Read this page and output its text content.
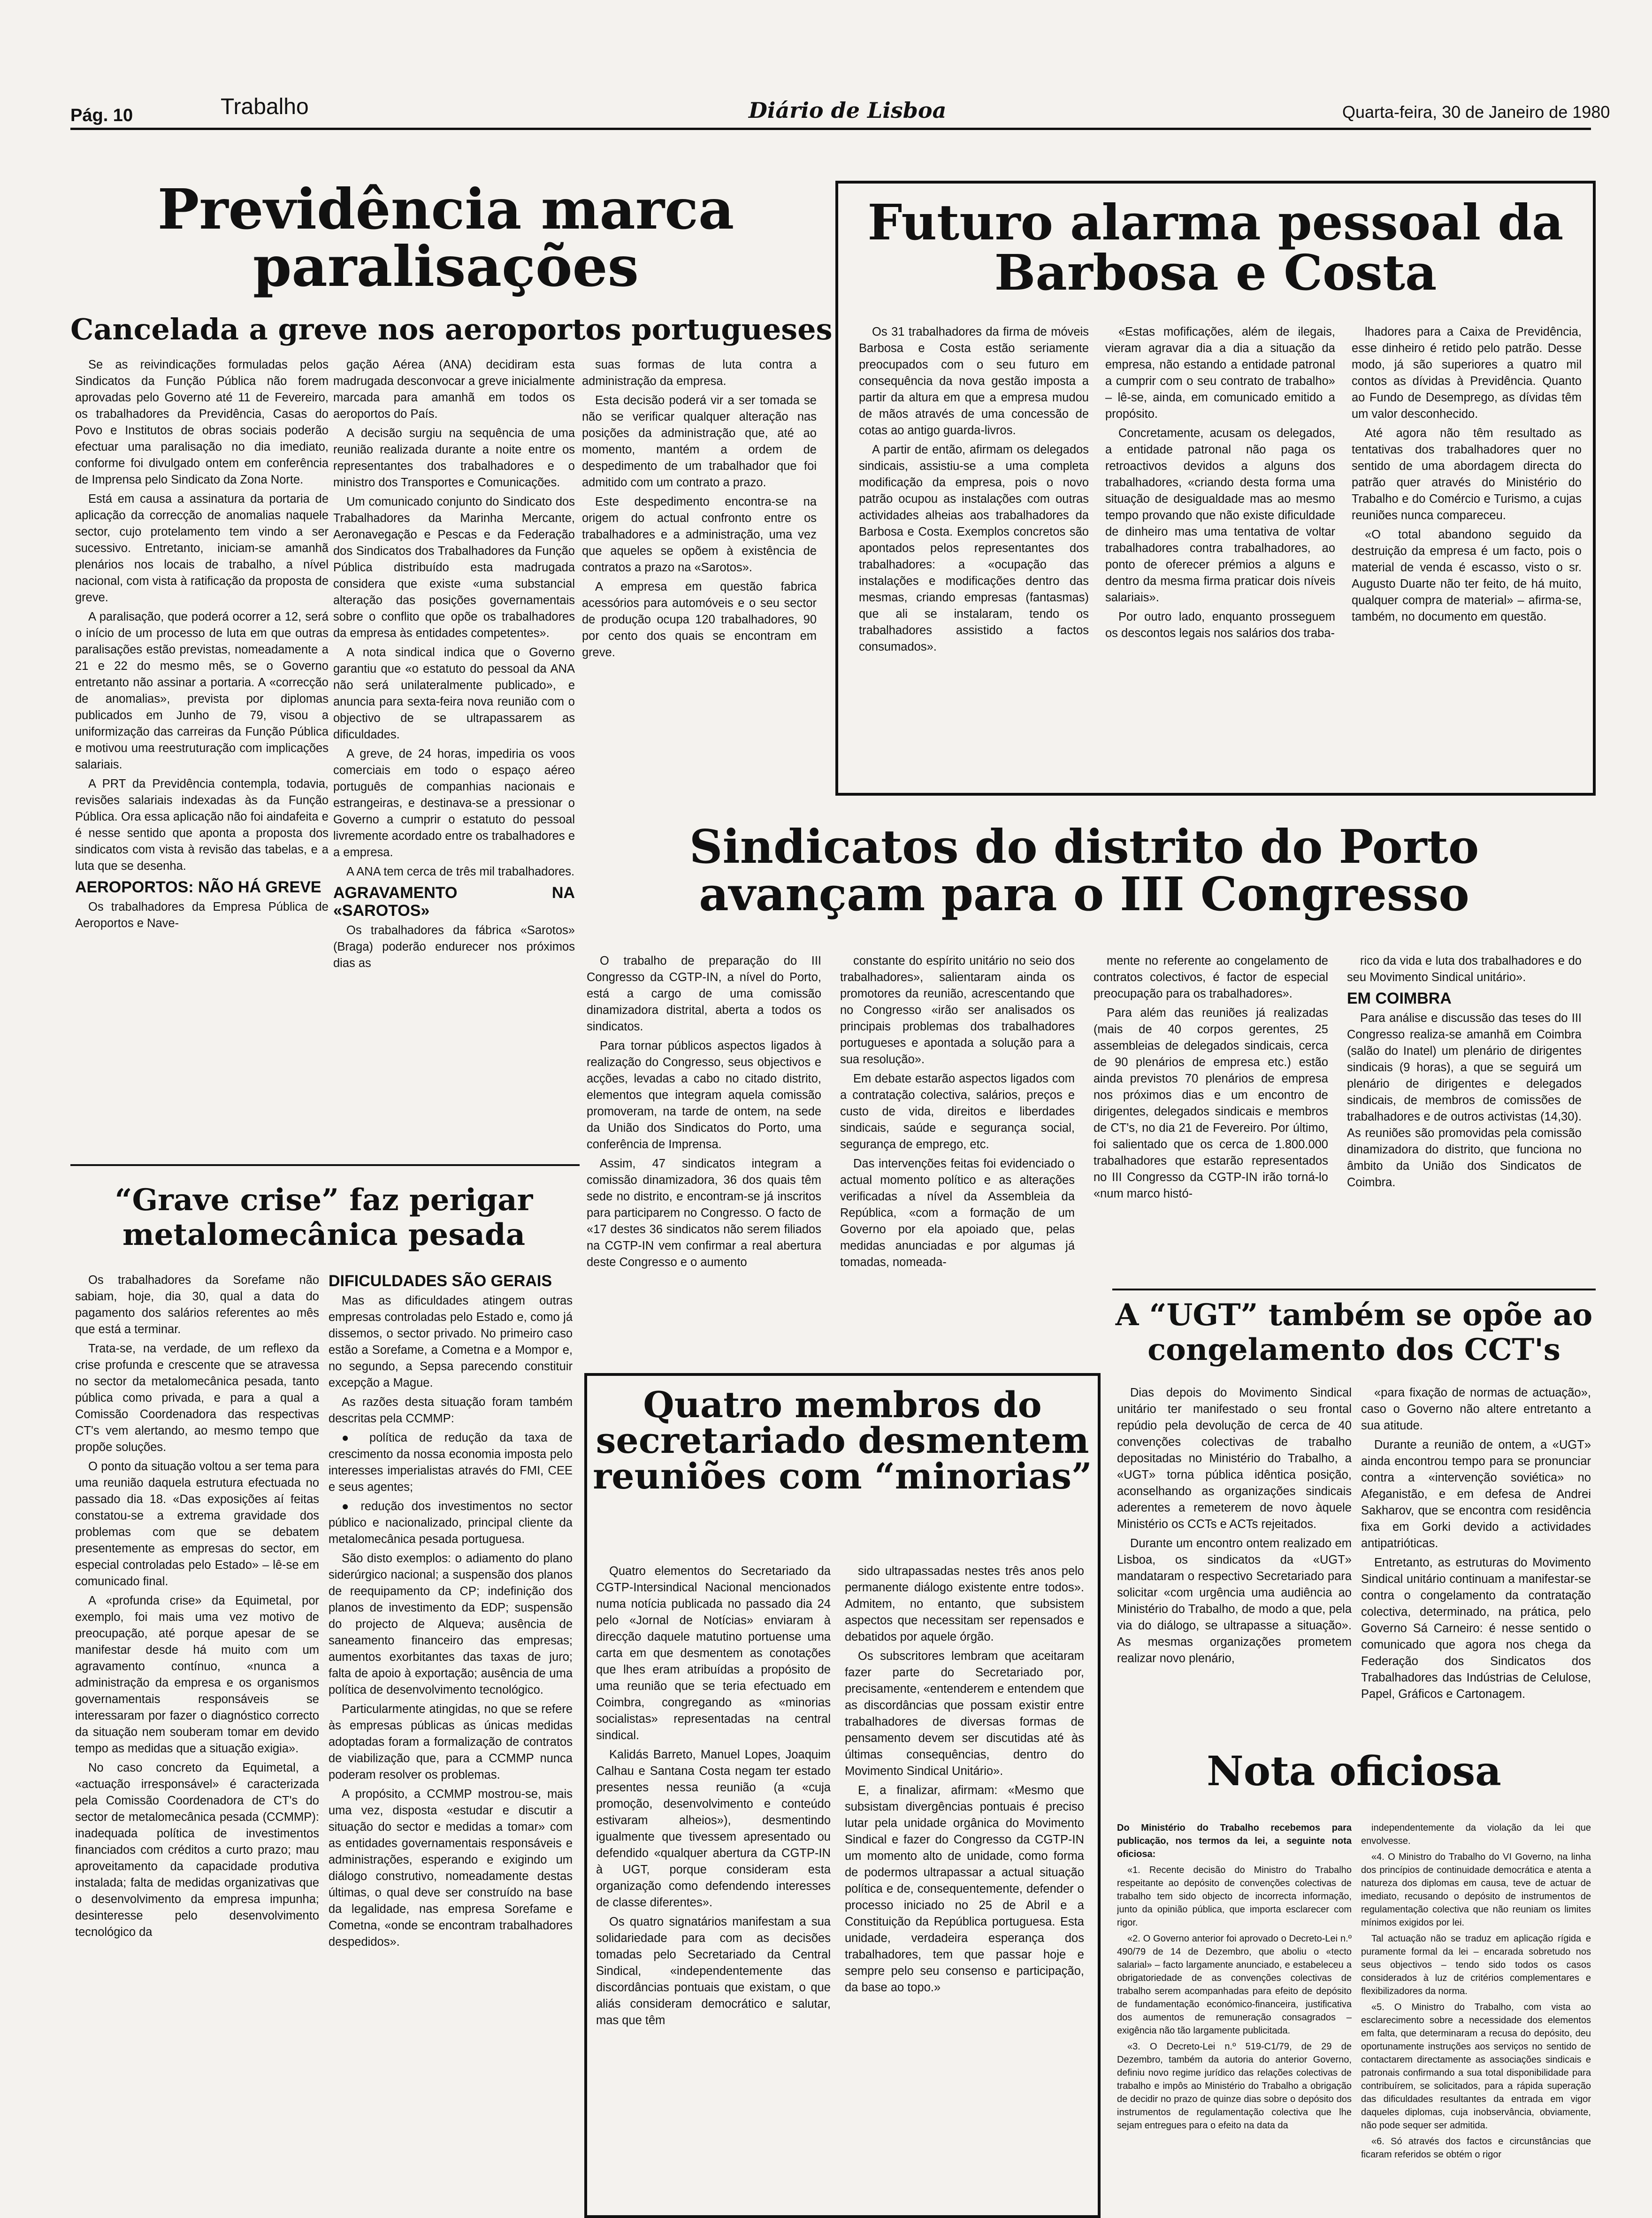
Pág. 10	Trabalho	Diário de Lisboa	Quarta-feira, 30 de Janeiro de 1980
Previdência marca paralisações
Cancelada a greve nos aeroportos portugueses

Se as reivindicações formuladas pelos Sindicatos da Função Pública não forem aprovadas pelo Governo até 11 de Fevereiro, os trabalhadores da Previdência, Casas do Povo e Institutos de obras sociais poderão efectuar uma paralisação no dia imediato, conforme foi divulgado ontem em conferência de Imprensa pelo Sindicato da Zona Norte.

Está em causa a assinatura da portaria de aplicação da correcção de anomalias naquele sector, cujo protelamento tem vindo a ser sucessivo. Entretanto, iniciam-se amanhã plenários nos locais de trabalho, a nível nacional, com vista à ratificação da proposta de greve.

A paralisação, que poderá ocorrer a 12, será o início de um processo de luta em que outras paralisações estão previstas, nomeadamente a 21 e 22 do mesmo mês, se o Governo entretanto não assinar a portaria. A «correcção de anomalias», prevista por diplomas publicados em Junho de 79, visou a uniformização das carreiras da Função Pública e motivou uma reestruturação com implicações salariais.

A PRT da Previdência contempla, todavia, revisões salariais indexadas às da Função Pública. Ora essa aplicação não foi aindafeita e é nesse sentido que aponta a proposta dos sindicatos com vista à revisão das tabelas, e a luta que se desenha.

AEROPORTOS: NÃO HÁ GREVE

Os trabalhadores da Empresa Pública de Aeroportos e Nave-

gação Aérea (ANA) decidiram esta madrugada desconvocar a greve inicialmente marcada para amanhã em todos os aeroportos do País.

A decisão surgiu na sequência de uma reunião realizada durante a noite entre os representantes dos trabalhadores e o ministro dos Transportes e Comunicações.

Um comunicado conjunto do Sindicato dos Trabalhadores da Marinha Mercante, Aeronavegação e Pescas e da Federação dos Sindicatos dos Trabalhadores da Função Pública distribuído esta madrugada considera que existe «uma substancial alteração das posições governamentais sobre o conflito que opõe os trabalhadores da empresa às entidades competentes».

A nota sindical indica que o Governo garantiu que «o estatuto do pessoal da ANA não será unilateralmente publicado», e anuncia para sexta-feira nova reunião com o objectivo de se ultrapassarem as dificuldades.

A greve, de 24 horas, impediria os voos comerciais em todo o espaço aéreo português de companhias nacionais e estrangeiras, e destinava-se a pressionar o Governo a cumprir o estatuto do pessoal livremente acordado entre os trabalhadores e a empresa.

A ANA tem cerca de três mil trabalhadores.

AGRAVAMENTO NA «SAROTOS»

Os trabalhadores da fábrica «Sarotos» (Braga) poderão endurecer nos próximos dias as

suas formas de luta contra a administração da empresa.

Esta decisão poderá vir a ser tomada se não se verificar qualquer alteração nas posições da administração que, até ao momento, mantém a ordem de despedimento de um trabalhador que foi admitido com um contrato a prazo.

Este despedimento encontra-se na origem do actual confronto entre os trabalhadores e a administração, uma vez que aqueles se opõem à existência de contratos a prazo na «Sarotos».

A empresa em questão fabrica acessórios para automóveis e o seu sector de produção ocupa 120 trabalhadores, 90 por cento dos quais se encontram em greve.

Futuro alarma pessoal da Barbosa e Costa

Os 31 trabalhadores da firma de móveis Barbosa e Costa estão seriamente preocupados com o seu futuro em consequência da nova gestão imposta a partir da altura em que a empresa mudou de mãos através de uma concessão de cotas ao antigo guarda-livros.

A partir de então, afirmam os delegados sindicais, assistiu-se a uma completa modificação da empresa, pois o novo patrão ocupou as instalações com outras actividades alheias aos trabalhadores da Barbosa e Costa. Exemplos concretos são apontados pelos representantes dos trabalhadores: a «ocupação das instalações e modificações dentro das mesmas, criando empresas (fantasmas) que ali se instalaram, tendo os trabalhadores assistido a factos consumados».

«Estas mofificações, além de ilegais, vieram agravar dia a dia a situação da empresa, não estando a entidade patronal a cumprir com o seu contrato de trabalho» – lê-se, ainda, em comunicado emitido a propósito.

Concretamente, acusam os delegados, a entidade patronal não paga os retroactivos devidos a alguns dos trabalhadores, «criando desta forma uma situação de desigualdade mas ao mesmo tempo provando que não existe dificuldade de dinheiro mas uma tentativa de voltar trabalhadores contra trabalhadores, ao ponto de oferecer prémios a alguns e dentro da mesma firma praticar dois níveis salariais».

Por outro lado, enquanto prosseguem os descontos legais nos salários dos traba-

lhadores para a Caixa de Previdência, esse dinheiro é retido pelo patrão. Desse modo, já são superiores a quatro mil contos as dívidas à Previdência. Quanto ao Fundo de Desemprego, as dívidas têm um valor desconhecido.

Até agora não têm resultado as tentativas dos trabalhadores quer no sentido de uma abordagem directa do patrão quer através do Ministério do Trabalho e do Comércio e Turismo, a cujas reuniões nunca compareceu.

«O total abandono seguido da destruição da empresa é um facto, pois o material de venda é escasso, visto o sr. Augusto Duarte não ter feito, de há muito, qualquer compra de material» – afirma-se, também, no documento em questão.

Sindicatos do distrito do Porto avançam para o III Congresso

O trabalho de preparação do III Congresso da CGTP-IN, a nível do Porto, está a cargo de uma comissão dinamizadora distrital, aberta a todos os sindicatos.

Para tornar públicos aspectos ligados à realização do Congresso, seus objectivos e acções, levadas a cabo no citado distrito, elementos que integram aquela comissão promoveram, na tarde de ontem, na sede da União dos Sindicatos do Porto, uma conferência de Imprensa.

Assim, 47 sindicatos integram a comissão dinamizadora, 36 dos quais têm sede no distrito, e encontram-se já inscritos para participarem no Congresso. O facto de «17 destes 36 sindicatos não serem filiados na CGTP-IN vem confirmar a real abertura deste Congresso e o aumento

constante do espírito unitário no seio dos trabalhadores», salientaram ainda os promotores da reunião, acrescentando que no Congresso «irão ser analisados os principais problemas dos trabalhadores portugueses e apontada a solução para a sua resolução».

Em debate estarão aspectos ligados com a contratação colectiva, salários, preços e custo de vida, direitos e liberdades sindicais, saúde e segurança social, segurança de emprego, etc.

Das intervenções feitas foi evidenciado o actual momento político e as alterações verificadas a nível da Assembleia da República, «com a formação de um Governo por ela apoiado que, pelas medidas anunciadas e por algumas já tomadas, nomeada-

mente no referente ao congelamento de contratos colectivos, é factor de especial preocupação para os trabalhadores».

Para além das reuniões já realizadas (mais de 40 corpos gerentes, 25 assembleias de delegados sindicais, cerca de 90 plenários de empresa etc.) estão ainda previstos 70 plenários de empresa nos próximos dias e um encontro de dirigentes, delegados sindicais e membros de CT's, no dia 21 de Fevereiro. Por último, foi salientado que os cerca de 1.800.000 trabalhadores que estarão representados no III Congresso da CGTP-IN irão torná-lo «num marco histó-

rico da vida e luta dos trabalhadores e do seu Movimento Sindical unitário».

EM COIMBRA

Para análise e discussão das teses do III Congresso realiza-se amanhã em Coimbra (salão do Inatel) um plenário de dirigentes sindicais (9 horas), a que se seguirá um plenário de dirigentes e delegados sindicais, de membros de comissões de trabalhadores e de outros activistas (14,30). As reuniões são promovidas pela comissão dinamizadora do distrito, que funciona no âmbito da União dos Sindicatos de Coimbra.

“Grave crise” faz perigar metalomecânica pesada

Os trabalhadores da Sorefame não sabiam, hoje, dia 30, qual a data do pagamento dos salários referentes ao mês que está a terminar.

Trata-se, na verdade, de um reflexo da crise profunda e crescente que se atravessa no sector da metalomecânica pesada, tanto pública como privada, e para a qual a Comissão Coordenadora das respectivas CT's vem alertando, ao mesmo tempo que propõe soluções.

O ponto da situação voltou a ser tema para uma reunião daquela estrutura efectuada no passado dia 18. «Das exposições aí feitas constatou-se a extrema gravidade dos problemas com que se debatem presentemente as empresas do sector, em especial controladas pelo Estado» – lê-se em comunicado final.

A «profunda crise» da Equimetal, por exemplo, foi mais uma vez motivo de preocupação, até porque apesar de se manifestar desde há muito com um agravamento contínuo, «nunca a administração da empresa e os organismos governamentais responsáveis se interessaram por fazer o diagnóstico correcto da situação nem souberam tomar em devido tempo as medidas que a situação exigia».

No caso concreto da Equimetal, a «actuação irresponsável» é caracterizada pela Comissão Coordenadora de CT's do sector de metalomecânica pesada (CCMMP): inadequada política de investimentos financiados com créditos a curto prazo; mau aproveitamento da capacidade produtiva instalada; falta de medidas organizativas que o desenvolvimento da empresa impunha; desinteresse pelo desenvolvimento tecnológico da

DIFICULDADES SÃO GERAIS

Mas as dificuldades atingem outras empresas controladas pelo Estado e, como já dissemos, o sector privado. No primeiro caso estão a Sorefame, a Cometna e a Mompor e, no segundo, a Sepsa parecendo constituir excepção a Mague.

As razões desta situação foram também descritas pela CCMMP:

● política de redução da taxa de crescimento da nossa economia imposta pelo interesses imperialistas através do FMI, CEE e seus agentes;

● redução dos investimentos no sector público e nacionalizado, principal cliente da metalomecânica pesada portuguesa.

São disto exemplos: o adiamento do plano siderúrgico nacional; a suspensão dos planos de reequipamento da CP; indefinição dos planos de investimento da EDP; suspensão do projecto de Alqueva; ausência de saneamento financeiro das empresas; aumentos exorbitantes das taxas de juro; falta de apoio à exportação; ausência de uma política de desenvolvimento tecnológico.

Particularmente atingidas, no que se refere às empresas públicas as únicas medidas adoptadas foram a formalização de contratos de viabilização que, para a CCMMP nunca poderam resolver os problemas.

A propósito, a CCMMP mostrou-se, mais uma vez, disposta «estudar e discutir a situação do sector e medidas a tomar» com as entidades governamentais responsáveis e administrações, esperando e exigindo um diálogo construtivo, nomeadamente destas últimas, o qual deve ser construído na base da legalidade, nas empresa Sorefame e Cometna, «onde se encontram trabalhadores despedidos».

Quatro membros do secretariado desmentem reuniões com “minorias”

Quatro elementos do Secretariado da CGTP-Intersindical Nacional mencionados numa notícia publicada no passado dia 24 pelo «Jornal de Notícias» enviaram à direcção daquele matutino portuense uma carta em que desmentem as conotações que lhes eram atribuídas a propósito de uma reunião que se teria efectuado em Coimbra, congregando as «minorias socialistas» representadas na central sindical.

Kalidás Barreto, Manuel Lopes, Joaquim Calhau e Santana Costa negam ter estado presentes nessa reunião (a «cuja promoção, desenvolvimento e conteúdo estivaram alheios»), desmentindo igualmente que tivessem apresentado ou defendido «qualquer abertura da CGTP-IN à UGT, porque consideram esta organização como defendendo interesses de classe diferentes».

Os quatro signatários manifestam a sua solidariedade para com as decisões tomadas pelo Secretariado da Central Sindical, «independentemente das discordâncias pontuais que existam, o que aliás consideram democrático e salutar, mas que têm

sido ultrapassadas nestes três anos pelo permanente diálogo existente entre todos». Admitem, no entanto, que subsistem aspectos que necessitam ser repensados e debatidos por aquele órgão.

Os subscritores lembram que aceitaram fazer parte do Secretariado por, precisamente, «entenderem e entendem que as discordâncias que possam existir entre trabalhadores de diversas formas de pensamento devem ser discutidas até às últimas consequências, dentro do Movimento Sindical Unitário».

E, a finalizar, afirmam: «Mesmo que subsistam divergências pontuais é preciso lutar pela unidade orgânica do Movimento Sindical e fazer do Congresso da CGTP-IN um momento alto de unidade, como forma de podermos ultrapassar a actual situação política e de, consequentemente, defender o processo iniciado no 25 de Abril e a Constituição da República portuguesa. Esta unidade, verdadeira esperança dos trabalhadores, tem que passar hoje e sempre pelo seu consenso e participação, da base ao topo.»

A “UGT” também se opõe ao congelamento dos CCT's

Dias depois do Movimento Sindical unitário ter manifestado o seu frontal repúdio pela devolução de cerca de 40 convenções colectivas de trabalho depositadas no Ministério do Trabalho, a «UGT» torna pública idêntica posição, aconselhando as organizações sindicais aderentes a remeterem de novo àquele Ministério os CCTs e ACTs rejeitados.

Durante um encontro ontem realizado em Lisboa, os sindicatos da «UGT» mandataram o respectivo Secretariado para solicitar «com urgência uma audiência ao Ministério do Trabalho, de modo a que, pela via do diálogo, se ultrapasse a situação». As mesmas organizações prometem realizar novo plenário,

«para fixação de normas de actuação», caso o Governo não altere entretanto a sua atitude.

Durante a reunião de ontem, a «UGT» ainda encontrou tempo para se pronunciar contra a «intervenção soviética» no Afeganistão, e em defesa de Andrei Sakharov, que se encontra com residência fixa em Gorki devido a actividades antipatrióticas.

Entretanto, as estruturas do Movimento Sindical unitário continuam a manifestar-se contra o congelamento da contratação colectiva, determinado, na prática, pelo Governo Sá Carneiro: é nesse sentido o comunicado que agora nos chega da Federação dos Sindicatos dos Trabalhadores das Indústrias de Celulose, Papel, Gráficos e Cartonagem.

Nota oficiosa

Do Ministério do Trabalho recebemos para publicação, nos termos da lei, a seguinte nota oficiosa:

«1. Recente decisão do Ministro do Trabalho respeitante ao depósito de convenções colectivas de trabalho tem sido objecto de incorrecta informação, junto da opinião pública, que importa esclarecer com rigor.

«2. O Governo anterior foi aprovado o Decreto-Lei n.º 490/79 de 14 de Dezembro, que aboliu o «tecto salarial» – facto largamente anunciado, e estabeleceu a obrigatoriedade de as convenções colectivas de trabalho serem acompanhadas para efeito de depósito de fundamentação económico-financeira, justificativa dos aumentos de remuneração consagrados – exigência não tão largamente publicitada.

«3. O Decreto-Lei n.º 519-C1/79, de 29 de Dezembro, também da autoria do anterior Governo, definiu novo regime jurídico das relações colectivas de trabalho e impôs ao Ministério do Trabalho a obrigação de decidir no prazo de quinze dias sobre o depósito dos instrumentos de regulamentação colectiva que lhe sejam entregues para o efeito na data da

independentemente da violação da lei que envolvesse.

«4. O Ministro do Trabalho do VI Governo, na linha dos princípios de continuidade democrática e atenta a natureza dos diplomas em causa, teve de actuar de imediato, recusando o depósito de instrumentos de regulamentação colectiva que não reuniam os limites mínimos exigidos por lei.

Tal actuação não se traduz em aplicação rígida e puramente formal da lei – encarada sobretudo nos seus objectivos – tendo sido todos os casos considerados à luz de critérios complementares e flexibilizadores da norma.

«5. O Ministro do Trabalho, com vista ao esclarecimento sobre a necessidade dos elementos em falta, que determinaram a recusa do depósito, deu oportunamente instruções aos serviços no sentido de contactarem directamente as associações sindicais e patronais confirmando a sua total disponibilidade para contribuírem, se solicitados, para a rápida superação das dificuldades resultantes da entrada em vigor daqueles diplomas, cuja inobservância, obviamente, não pode sequer ser admitida.

«6. Só através dos factos e circunstâncias que ficaram referidos se obtém o rigor
